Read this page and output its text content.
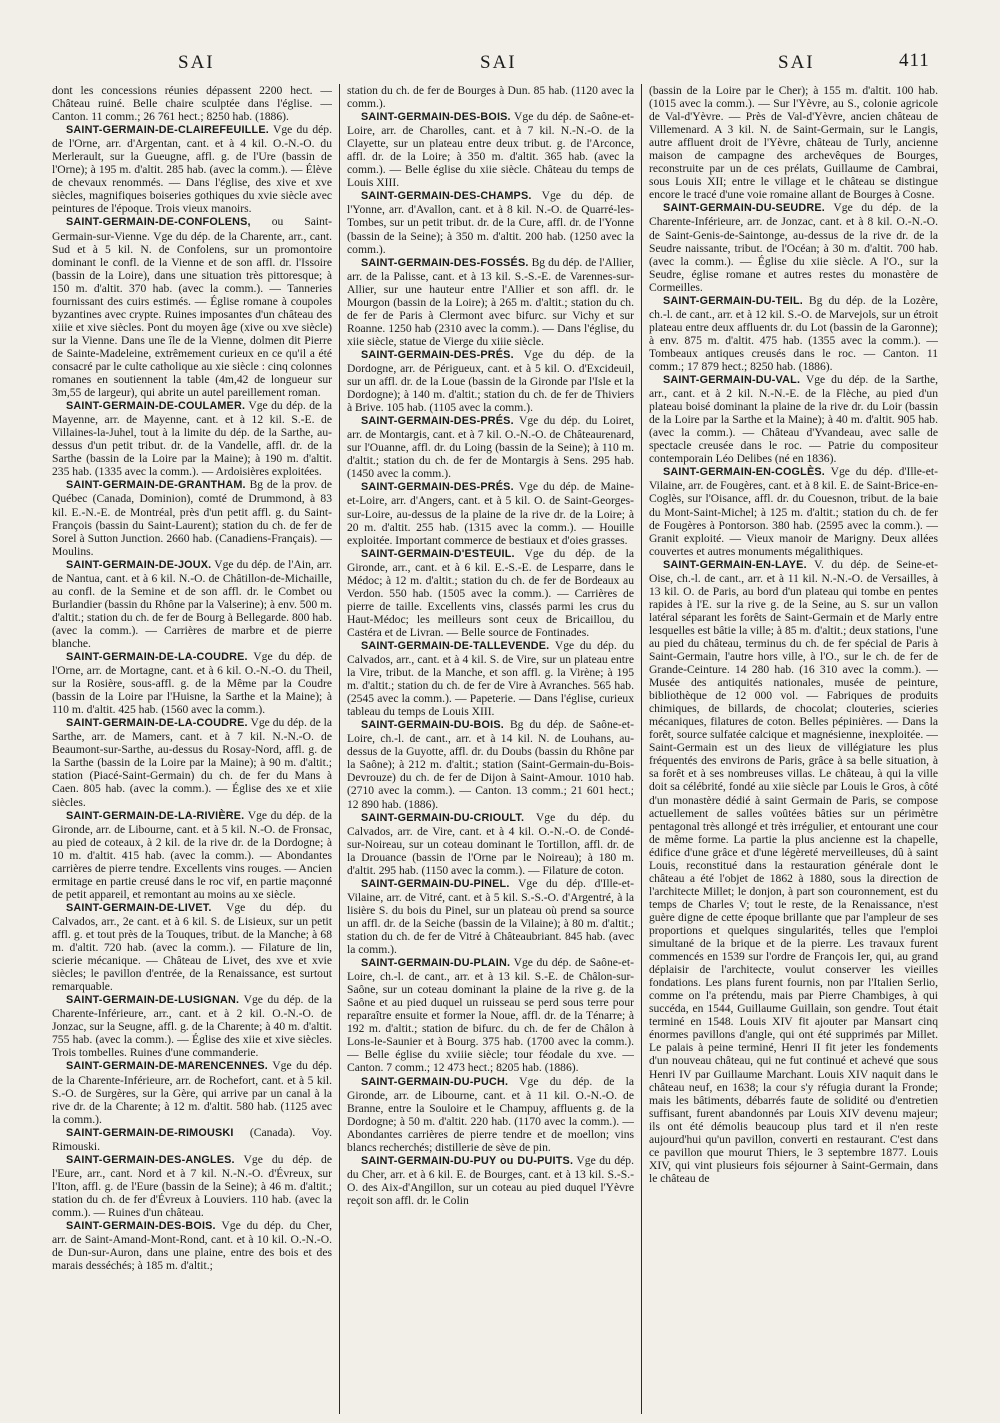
SAI	SAI	SAI	411

dont les concessions réunies dépassent 2200 hect. — Château ruiné. Belle chaire sculptée dans l'église. — Canton. 11 comm.; 26 761 hect.; 8250 hab. (1886).

SAINT-GERMAIN-DE-CLAIREFEUILLE. Vge du dép. de l'Orne, arr. d'Argentan, cant. et à 4 kil. O.-N.-O. du Merlerault, sur la Gueugne, affl. g. de l'Ure (bassin de l'Orne); à 195 m. d'altit. 285 hab. (avec la comm.). — Élève de chevaux renommés. — Dans l'église, des xive et xve siècles, magnifiques boiseries gothiques du xvie siècle avec peintures de l'époque. Trois vieux manoirs.

SAINT-GERMAIN-DE-CONFOLENS, ou Saint-Germain-sur-Vienne. Vge du dép. de la Charente, arr., cant. Sud et à 5 kil. N. de Confolens, sur un promontoire dominant le confl. de la Vienne et de son affl. dr. l'Issoire (bassin de la Loire), dans une situation très pittoresque; à 150 m. d'altit. 370 hab. (avec la comm.). — Tanneries fournissant des cuirs estimés. — Église romane à coupoles byzantines avec crypte. Ruines imposantes d'un château des xiiie et xive siècles. Pont du moyen âge (xive ou xve siècle) sur la Vienne. Dans une île de la Vienne, dolmen dit Pierre de Sainte-Madeleine, extrêmement curieux en ce qu'il a été consacré par le culte catholique au xie siècle : cinq colonnes romanes en soutiennent la table (4m,42 de longueur sur 3m,55 de largeur), qui abrite un autel pareillement roman.

SAINT-GERMAIN-DE-COULAMER. Vge du dép. de la Mayenne, arr. de Mayenne, cant. et à 12 kil. S.-E. de Villaines-la-Juhel, tout à la limite du dép. de la Sarthe, au-dessus d'un petit tribut. dr. de la Vandelle, affl. dr. de la Sarthe (bassin de la Loire par la Maine); à 190 m. d'altit. 235 hab. (1335 avec la comm.). — Ardoisières exploitées.

SAINT-GERMAIN-DE-GRANTHAM. Bg de la prov. de Québec (Canada, Dominion), comté de Drummond, à 83 kil. E.-N.-E. de Montréal, près d'un petit affl. g. du Saint-François (bassin du Saint-Laurent); station du ch. de fer de Sorel à Sutton Junction. 2660 hab. (Canadiens-Français). — Moulins.

SAINT-GERMAIN-DE-JOUX. Vge du dép. de l'Ain, arr. de Nantua, cant. et à 6 kil. N.-O. de Châtillon-de-Michaille, au confl. de la Semine et de son affl. dr. le Combet ou Burlandier (bassin du Rhône par la Valserine); à env. 500 m. d'altit.; station du ch. de fer de Bourg à Bellegarde. 800 hab. (avec la comm.). — Carrières de marbre et de pierre blanche.

SAINT-GERMAIN-DE-LA-COUDRE. Vge du dép. de l'Orne, arr. de Mortagne, cant. et à 6 kil. O.-N.-O. du Theil, sur la Rosière, sous-affl. g. de la Même par la Coudre (bassin de la Loire par l'Huisne, la Sarthe et la Maine); à 110 m. d'altit. 425 hab. (1560 avec la comm.).

SAINT-GERMAIN-DE-LA-COUDRE. Vge du dép. de la Sarthe, arr. de Mamers, cant. et à 7 kil. N.-N.-O. de Beaumont-sur-Sarthe, au-dessus du Rosay-Nord, affl. g. de la Sarthe (bassin de la Loire par la Maine); à 90 m. d'altit.; station (Piacé-Saint-Germain) du ch. de fer du Mans à Caen. 805 hab. (avec la comm.). — Église des xe et xiie siècles.

SAINT-GERMAIN-DE-LA-RIVIÈRE. Vge du dép. de la Gironde, arr. de Libourne, cant. et à 5 kil. N.-O. de Fronsac, au pied de coteaux, à 2 kil. de la rive dr. de la Dordogne; à 10 m. d'altit. 415 hab. (avec la comm.). — Abondantes carrières de pierre tendre. Excellents vins rouges. — Ancien ermitage en partie creusé dans le roc vif, en partie maçonné de petit appareil, et remontant au moins au xe siècle.

SAINT-GERMAIN-DE-LIVET. Vge du dép. du Calvados, arr., 2e cant. et à 6 kil. S. de Lisieux, sur un petit affl. g. et tout près de la Touques, tribut. de la Manche; à 68 m. d'altit. 720 hab. (avec la comm.). — Filature de lin, scierie mécanique. — Château de Livet, des xve et xvie siècles; le pavillon d'entrée, de la Renaissance, est surtout remarquable.

SAINT-GERMAIN-DE-LUSIGNAN. Vge du dép. de la Charente-Inférieure, arr., cant. et à 2 kil. O.-N.-O. de Jonzac, sur la Seugne, affl. g. de la Charente; à 40 m. d'altit. 755 hab. (avec la comm.). — Église des xiie et xive siècles. Trois tombelles. Ruines d'une commanderie.

SAINT-GERMAIN-DE-MARENCENNES. Vge du dép. de la Charente-Inférieure, arr. de Rochefort, cant. et à 5 kil. S.-O. de Surgères, sur la Gère, qui arrive par un canal à la rive dr. de la Charente; à 12 m. d'altit. 580 hab. (1125 avec la comm.).

SAINT-GERMAIN-DE-RIMOUSKI (Canada). Voy. Rimouski.

SAINT-GERMAIN-DES-ANGLES. Vge du dép. de l'Eure, arr., cant. Nord et à 7 kil. N.-N.-O. d'Évreux, sur l'Iton, affl. g. de l'Eure (bassin de la Seine); à 46 m. d'altit.; station du ch. de fer d'Évreux à Louviers. 110 hab. (avec la comm.). — Ruines d'un château.

SAINT-GERMAIN-DES-BOIS. Vge du dép. du Cher, arr. de Saint-Amand-Mont-Rond, cant. et à 10 kil. O.-N.-O. de Dun-sur-Auron, dans une plaine, entre des bois et des marais desséchés; à 185 m. d'altit.;

station du ch. de fer de Bourges à Dun. 85 hab. (1120 avec la comm.).

SAINT-GERMAIN-DES-BOIS. Vge du dép. de Saône-et-Loire, arr. de Charolles, cant. et à 7 kil. N.-N.-O. de la Clayette, sur un plateau entre deux tribut. g. de l'Arconce, affl. dr. de la Loire; à 350 m. d'altit. 365 hab. (avec la comm.). — Belle église du xiie siècle. Château du temps de Louis XIII.

SAINT-GERMAIN-DES-CHAMPS. Vge du dép. de l'Yonne, arr. d'Avallon, cant. et à 8 kil. N.-O. de Quarré-les-Tombes, sur un petit tribut. dr. de la Cure, affl. dr. de l'Yonne (bassin de la Seine); à 350 m. d'altit. 200 hab. (1250 avec la comm.).

SAINT-GERMAIN-DES-FOSSÉS. Bg du dép. de l'Allier, arr. de la Palisse, cant. et à 13 kil. S.-S.-E. de Varennes-sur-Allier, sur une hauteur entre l'Allier et son affl. dr. le Mourgon (bassin de la Loire); à 265 m. d'altit.; station du ch. de fer de Paris à Clermont avec bifurc. sur Vichy et sur Roanne. 1250 hab (2310 avec la comm.). — Dans l'église, du xiie siècle, statue de Vierge du xiiie siècle.

SAINT-GERMAIN-DES-PRÉS. Vge du dép. de la Dordogne, arr. de Périgueux, cant. et à 5 kil. O. d'Excideuil, sur un affl. dr. de la Loue (bassin de la Gironde par l'Isle et la Dordogne); à 140 m. d'altit.; station du ch. de fer de Thiviers à Brive. 105 hab. (1105 avec la comm.).

SAINT-GERMAIN-DES-PRÉS. Vge du dép. du Loiret, arr. de Montargis, cant. et à 7 kil. O.-N.-O. de Châteaurenard, sur l'Ouanne, affl. dr. du Loing (bassin de la Seine); à 110 m. d'altit.; station du ch. de fer de Montargis à Sens. 295 hab. (1450 avec la comm.).

SAINT-GERMAIN-DES-PRÉS. Vge du dép. de Maine-et-Loire, arr. d'Angers, cant. et à 5 kil. O. de Saint-Georges-sur-Loire, au-dessus de la plaine de la rive dr. de la Loire; à 20 m. d'altit. 255 hab. (1315 avec la comm.). — Houille exploitée. Important commerce de bestiaux et d'oies grasses.

SAINT-GERMAIN-D'ESTEUIL. Vge du dép. de la Gironde, arr., cant. et à 6 kil. E.-S.-E. de Lesparre, dans le Médoc; à 12 m. d'altit.; station du ch. de fer de Bordeaux au Verdon. 550 hab. (1505 avec la comm.). — Carrières de pierre de taille. Excellents vins, classés parmi les crus du Haut-Médoc; les meilleurs sont ceux de Bricaillou, du Castéra et de Livran. — Belle source de Fontinades.

SAINT-GERMAIN-DE-TALLEVENDE. Vge du dép. du Calvados, arr., cant. et à 4 kil. S. de Vire, sur un plateau entre la Vire, tribut. de la Manche, et son affl. g. la Virène; à 195 m. d'altit.; station du ch. de fer de Vire à Avranches. 565 hab. (2545 avec la comm.). — Papeterie. — Dans l'église, curieux tableau du temps de Louis XIII.

SAINT-GERMAIN-DU-BOIS. Bg du dép. de Saône-et-Loire, ch.-l. de cant., arr. et à 14 kil. N. de Louhans, au-dessus de la Guyotte, affl. dr. du Doubs (bassin du Rhône par la Saône); à 212 m. d'altit.; station (Saint-Germain-du-Bois-Devrouze) du ch. de fer de Dijon à Saint-Amour. 1010 hab. (2710 avec la comm.). — Canton. 13 comm.; 21 601 hect.; 12 890 hab. (1886).

SAINT-GERMAIN-DU-CRIOULT. Vge du dép. du Calvados, arr. de Vire, cant. et à 4 kil. O.-N.-O. de Condé-sur-Noireau, sur un coteau dominant le Tortillon, affl. dr. de la Drouance (bassin de l'Orne par le Noireau); à 180 m. d'altit. 295 hab. (1150 avec la comm.). — Filature de coton.

SAINT-GERMAIN-DU-PINEL. Vge du dép. d'Ille-et-Vilaine, arr. de Vitré, cant. et à 5 kil. S.-S.-O. d'Argentré, à la lisière S. du bois du Pinel, sur un plateau où prend sa source un affl. dr. de la Seiche (bassin de la Vilaine); à 80 m. d'altit.; station du ch. de fer de Vitré à Châteaubriant. 845 hab. (avec la comm.).

SAINT-GERMAIN-DU-PLAIN. Vge du dép. de Saône-et-Loire, ch.-l. de cant., arr. et à 13 kil. S.-E. de Châlon-sur-Saône, sur un coteau dominant la plaine de la rive g. de la Saône et au pied duquel un ruisseau se perd sous terre pour reparaître ensuite et former la Noue, affl. dr. de la Ténarre; à 192 m. d'altit.; station de bifurc. du ch. de fer de Châlon à Lons-le-Saunier et à Bourg. 375 hab. (1700 avec la comm.). — Belle église du xviiie siècle; tour féodale du xve. — Canton. 7 comm.; 12 473 hect.; 8205 hab. (1886).

SAINT-GERMAIN-DU-PUCH. Vge du dép. de la Gironde, arr. de Libourne, cant. et à 11 kil. O.-N.-O. de Branne, entre la Souloire et le Champuy, affluents g. de la Dordogne; à 50 m. d'altit. 220 hab. (1170 avec la comm.). — Abondantes carrières de pierre tendre et de moellon; vins blancs recherchés; distillerie de sève de pin.

SAINT-GERMAIN-DU-PUY ou DU-PUITS. Vge du dép. du Cher, arr. et à 6 kil. E. de Bourges, cant. et à 13 kil. S.-S.-O. des Aix-d'Angillon, sur un coteau au pied duquel l'Yèvre reçoit son affl. dr. le Colin

(bassin de la Loire par le Cher); à 155 m. d'altit. 100 hab. (1015 avec la comm.). — Sur l'Yèvre, au S., colonie agricole de Val-d'Yèvre. — Près de Val-d'Yèvre, ancien château de Villemenard. A 3 kil. N. de Saint-Germain, sur le Langis, autre affluent droit de l'Yèvre, château de Turly, ancienne maison de campagne des archevêques de Bourges, reconstruite par un de ces prélats, Guillaume de Cambrai, sous Louis XII; entre le village et le château se distingue encore le tracé d'une voie romaine allant de Bourges à Cosne.

SAINT-GERMAIN-DU-SEUDRE. Vge du dép. de la Charente-Inférieure, arr. de Jonzac, cant. et à 8 kil. O.-N.-O. de Saint-Genis-de-Saintonge, au-dessus de la rive dr. de la Seudre naissante, tribut. de l'Océan; à 30 m. d'altit. 700 hab. (avec la comm.). — Église du xiie siècle. A l'O., sur la Seudre, église romane et autres restes du monastère de Cormeilles.

SAINT-GERMAIN-DU-TEIL. Bg du dép. de la Lozère, ch.-l. de cant., arr. et à 12 kil. S.-O. de Marvejols, sur un étroit plateau entre deux affluents dr. du Lot (bassin de la Garonne); à env. 875 m. d'altit. 475 hab. (1355 avec la comm.). — Tombeaux antiques creusés dans le roc. — Canton. 11 comm.; 17 879 hect.; 8250 hab. (1886).

SAINT-GERMAIN-DU-VAL. Vge du dép. de la Sarthe, arr., cant. et à 2 kil. N.-N.-E. de la Flèche, au pied d'un plateau boisé dominant la plaine de la rive dr. du Loir (bassin de la Loire par la Sarthe et la Maine); à 40 m. d'altit. 905 hab. (avec la comm.). — Château d'Yvandeau, avec salle de spectacle creusée dans le roc. — Patrie du compositeur contemporain Léo Delibes (né en 1836).

SAINT-GERMAIN-EN-COGLÈS. Vge du dép. d'Ille-et-Vilaine, arr. de Fougères, cant. et à 8 kil. E. de Saint-Brice-en-Coglès, sur l'Oisance, affl. dr. du Couesnon, tribut. de la baie du Mont-Saint-Michel; à 125 m. d'altit.; station du ch. de fer de Fougères à Pontorson. 380 hab. (2595 avec la comm.). — Granit exploité. — Vieux manoir de Marigny. Deux allées couvertes et autres monuments mégalithiques.

SAINT-GERMAIN-EN-LAYE. V. du dép. de Seine-et-Oise, ch.-l. de cant., arr. et à 11 kil. N.-N.-O. de Versailles, à 13 kil. O. de Paris, au bord d'un plateau qui tombe en pentes rapides à l'E. sur la rive g. de la Seine, au S. sur un vallon latéral séparant les forêts de Saint-Germain et de Marly entre lesquelles est bâtie la ville; à 85 m. d'altit.; deux stations, l'une au pied du château, terminus du ch. de fer spécial de Paris à Saint-Germain, l'autre hors ville, à l'O., sur le ch. de fer de Grande-Ceinture. 14 280 hab. (16 310 avec la comm.). — Musée des antiquités nationales, musée de peinture, bibliothèque de 12 000 vol. — Fabriques de produits chimiques, de billards, de chocolat; clouteries, scieries mécaniques, filatures de coton. Belles pépinières. — Dans la forêt, source sulfatée calcique et magnésienne, inexploitée. — Saint-Germain est un des lieux de villégiature les plus fréquentés des environs de Paris, grâce à sa belle situation, à sa forêt et à ses nombreuses villas. Le château, à qui la ville doit sa célébrité, fondé au xiie siècle par Louis le Gros, à côté d'un monastère dédié à saint Germain de Paris, se compose actuellement de salles voûtées bâties sur un périmètre pentagonal très allongé et très irrégulier, et entourant une cour de même forme. La partie la plus ancienne est la chapelle, édifice d'une grâce et d'une légèreté merveilleuses, dû à saint Louis, reconstitué dans la restauration générale dont le château a été l'objet de 1862 à 1880, sous la direction de l'architecte Millet; le donjon, à part son couronnement, est du temps de Charles V; tout le reste, de la Renaissance, n'est guère digne de cette époque brillante que par l'ampleur de ses proportions et quelques singularités, telles que l'emploi simultané de la brique et de la pierre. Les travaux furent commencés en 1539 sur l'ordre de François Ier, qui, au grand déplaisir de l'architecte, voulut conserver les vieilles fondations. Les plans furent fournis, non par l'Italien Serlio, comme on l'a prétendu, mais par Pierre Chambiges, à qui succéda, en 1544, Guillaume Guillain, son gendre. Tout était terminé en 1548. Louis XIV fit ajouter par Mansart cinq énormes pavillons d'angle, qui ont été supprimés par Millet. Le palais à peine terminé, Henri II fit jeter les fondements d'un nouveau château, qui ne fut continué et achevé que sous Henri IV par Guillaume Marchant. Louis XIV naquit dans le château neuf, en 1638; la cour s'y réfugia durant la Fronde; mais les bâtiments, débarrés faute de solidité ou d'entretien suffisant, furent abandonnés par Louis XIV devenu majeur; ils ont été démolis beaucoup plus tard et il n'en reste aujourd'hui qu'un pavillon, converti en restaurant. C'est dans ce pavillon que mourut Thiers, le 3 septembre 1877. Louis XIV, qui vint plusieurs fois séjourner à Saint-Germain, dans le château de
